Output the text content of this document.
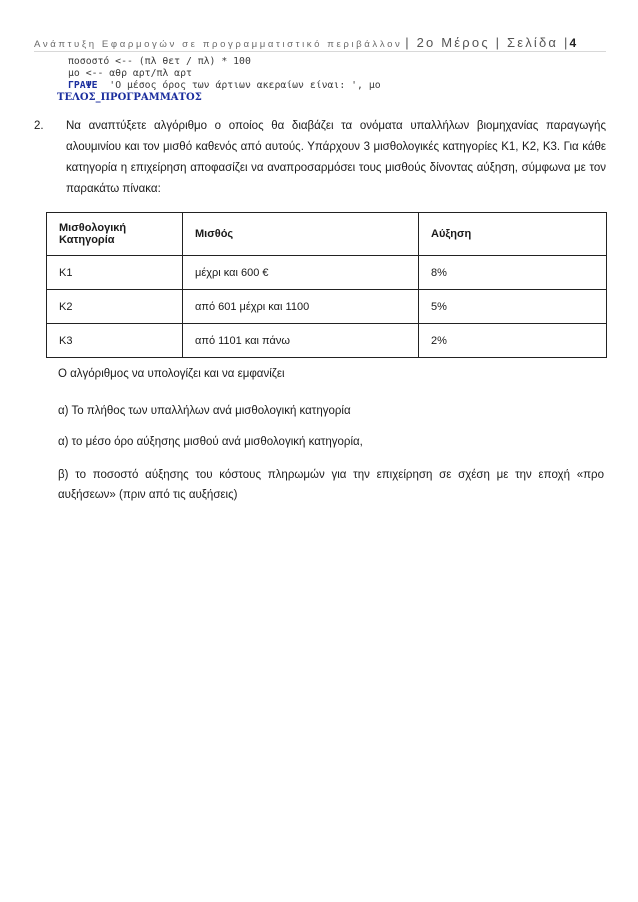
Ανάπτυξη Εφαρμογών σε προγραμματιστικό περιβάλλον | 2ο Μέρος | Σελίδα |4
ποσοστό <-- (πλ θετ / πλ) * 100
μο <-- αθρ αρτ/πλ αρτ
ΓΡΑΨΕ  'Ο μέσος όρος των άρτιων ακεραίων είναι: ', μο
ΤΕΛΟΣ_ΠΡΟΓΡΑΜΜΑΤΟΣ
2. Να αναπτύξετε αλγόριθμο ο οποίος θα διαβάζει τα ονόματα υπαλλήλων βιομηχανίας παραγωγής αλουμινίου και τον μισθό καθενός από αυτούς. Υπάρχουν 3 μισθολογικές κατηγορίες Κ1, Κ2, Κ3. Για κάθε κατηγορία η επιχείρηση αποφασίζει να αναπροσαρμόσει τους μισθούς δίνοντας αύξηση, σύμφωνα με τον παρακάτω πίνακα:
Μισθολογική Κατηγορία	Μισθός	Αύξηση
Κ1	μέχρι και 600 €	8%
Κ2	από 601 μέχρι και 1100	5%
Κ3	από 1101 και πάνω	2%
Ο αλγόριθμος να υπολογίζει και να εμφανίζει
α) Το πλήθος των υπαλλήλων ανά μισθολογική κατηγορία
α) το μέσο όρο αύξησης μισθού ανά μισθολογική κατηγορία,
β) το ποσοστό αύξησης του κόστους πληρωμών για την επιχείρηση σε σχέση με την εποχή «προ αυξήσεων» (πριν από τις αυξήσεις)
